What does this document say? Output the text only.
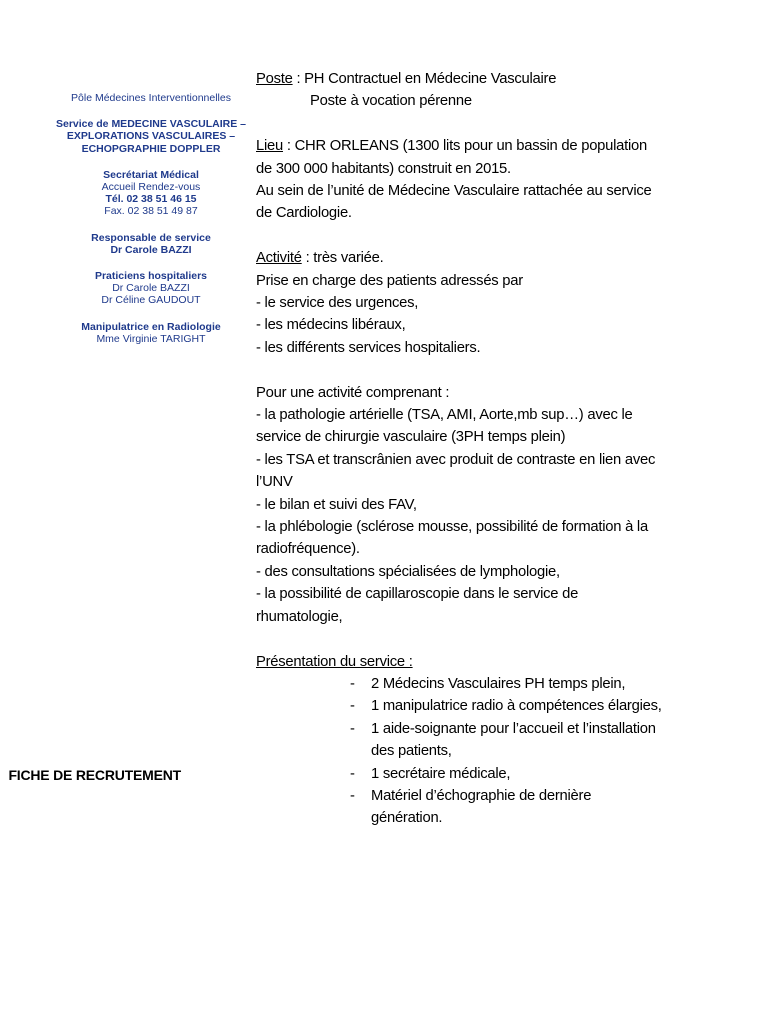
Pôle Médecines Interventionnelles
Service de MEDECINE VASCULAIRE –
EXPLORATIONS VASCULAIRES –
ECHOPGRAPHIE DOPPLER
Secrétariat Médical
Accueil Rendez-vous
Tél. 02 38 51 46 15
Fax. 02 38 51 49 87
Responsable de service
Dr Carole BAZZI
Praticiens hospitaliers
Dr Carole BAZZI
Dr Céline GAUDOUT
Manipulatrice en Radiologie
Mme Virginie TARIGHT
FICHE DE RECRUTEMENT

Poste : PH Contractuel en Médecine Vasculaire

Poste à vocation pérenne

Lieu : CHR ORLEANS (1300 lits pour un bassin de population

de 300 000 habitants) construit en 2015.

Au sein de l’unité de Médecine Vasculaire rattachée au service

de Cardiologie.

Activité : très variée.

Prise en charge des patients adressés par

- le service des urgences,

- les médecins libéraux,

- les différents services hospitaliers.

Pour une activité comprenant :

- la pathologie artérielle (TSA, AMI, Aorte,mb sup…) avec le

service de chirurgie vasculaire (3PH temps plein)

- les TSA et transcrânien avec produit de contraste en lien avec

l’UNV

- le bilan et suivi des FAV,

- la phlébologie (sclérose mousse, possibilité de formation à la

radiofréquence).

- des consultations spécialisées de lymphologie,

- la possibilité de capillaroscopie dans le service de

rhumatologie,

Présentation du service :

- 2 Médecins Vasculaires PH temps plein,
- 1 manipulatrice radio à compétences élargies,
- 1 aide-soignante pour l’accueil et l’installation
des patients,
- 1 secrétaire médicale,
- Matériel d’échographie de dernière
génération.
